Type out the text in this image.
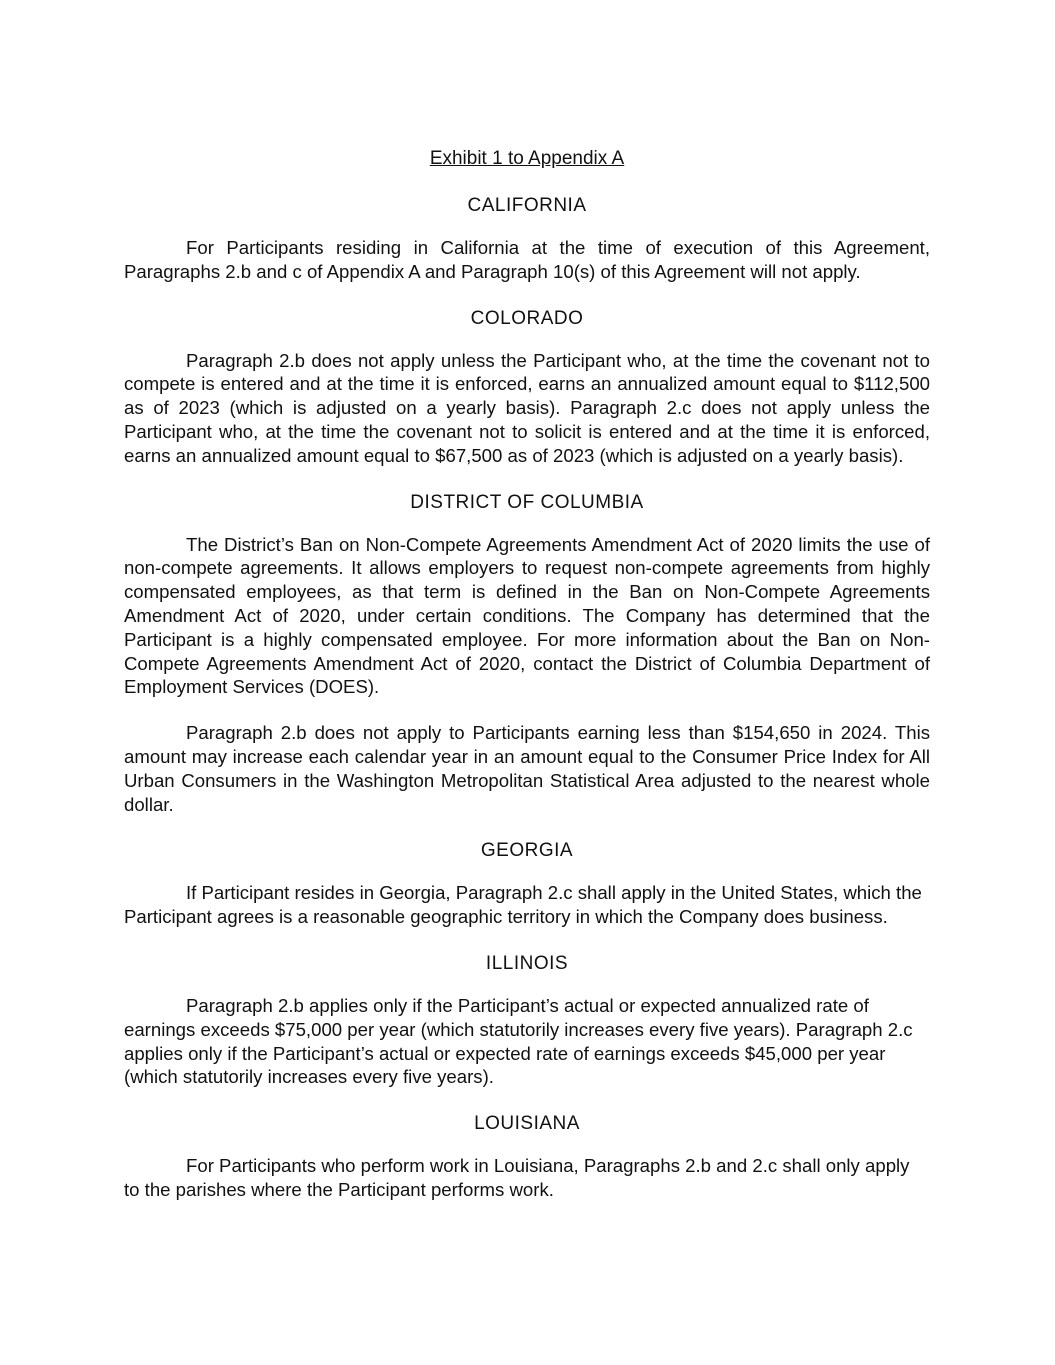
Exhibit 1 to Appendix A
CALIFORNIA

For Participants residing in California at the time of execution of this Agreement, Paragraphs 2.b and c of Appendix A and Paragraph 10(s) of this Agreement will not apply.

COLORADO

Paragraph 2.b does not apply unless the Participant who, at the time the covenant not to compete is entered and at the time it is enforced, earns an annualized amount equal to $112,500 as of 2023 (which is adjusted on a yearly basis). Paragraph 2.c does not apply unless the Participant who, at the time the covenant not to solicit is entered and at the time it is enforced, earns an annualized amount equal to $67,500 as of 2023 (which is adjusted on a yearly basis).

DISTRICT OF COLUMBIA

The District’s Ban on Non-Compete Agreements Amendment Act of 2020 limits the use of non-compete agreements. It allows employers to request non-compete agreements from highly compensated employees, as that term is defined in the Ban on Non-Compete Agreements Amendment Act of 2020, under certain conditions. The Company has determined that the Participant is a highly compensated employee. For more information about the Ban on Non-Compete Agreements Amendment Act of 2020, contact the District of Columbia Department of Employment Services (DOES).

Paragraph 2.b does not apply to Participants earning less than $154,650 in 2024. This amount may increase each calendar year in an amount equal to the Consumer Price Index for All Urban Consumers in the Washington Metropolitan Statistical Area adjusted to the nearest whole dollar.

GEORGIA

If Participant resides in Georgia, Paragraph 2.c shall apply in the United States, which the Participant agrees is a reasonable geographic territory in which the Company does business.

ILLINOIS

Paragraph 2.b applies only if the Participant’s actual or expected annualized rate of earnings exceeds $75,000 per year (which statutorily increases every five years). Paragraph 2.c applies only if the Participant’s actual or expected rate of earnings exceeds $45,000 per year (which statutorily increases every five years).

LOUISIANA

For Participants who perform work in Louisiana, Paragraphs 2.b and 2.c shall only apply to the parishes where the Participant performs work.
